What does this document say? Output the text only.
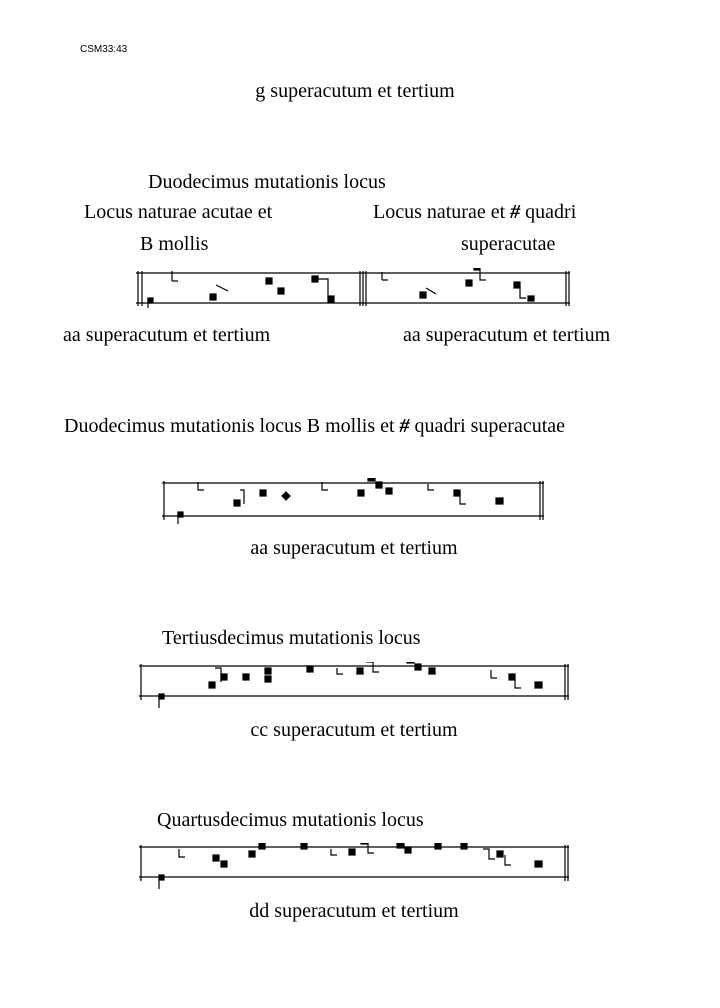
CSM33:43
g superacutum et tertium
Duodecimus mutationis locus
Locus naturae acutae et
B mollis
Locus naturae et # quadri
superacutae
aa superacutum et tertium	aa superacutum et tertium
Duodecimus mutationis locus B mollis et # quadri superacutae
aa superacutum et tertium
Tertiusdecimus mutationis locus
cc superacutum et tertium
Quartusdecimus mutationis locus
dd superacutum et tertium
